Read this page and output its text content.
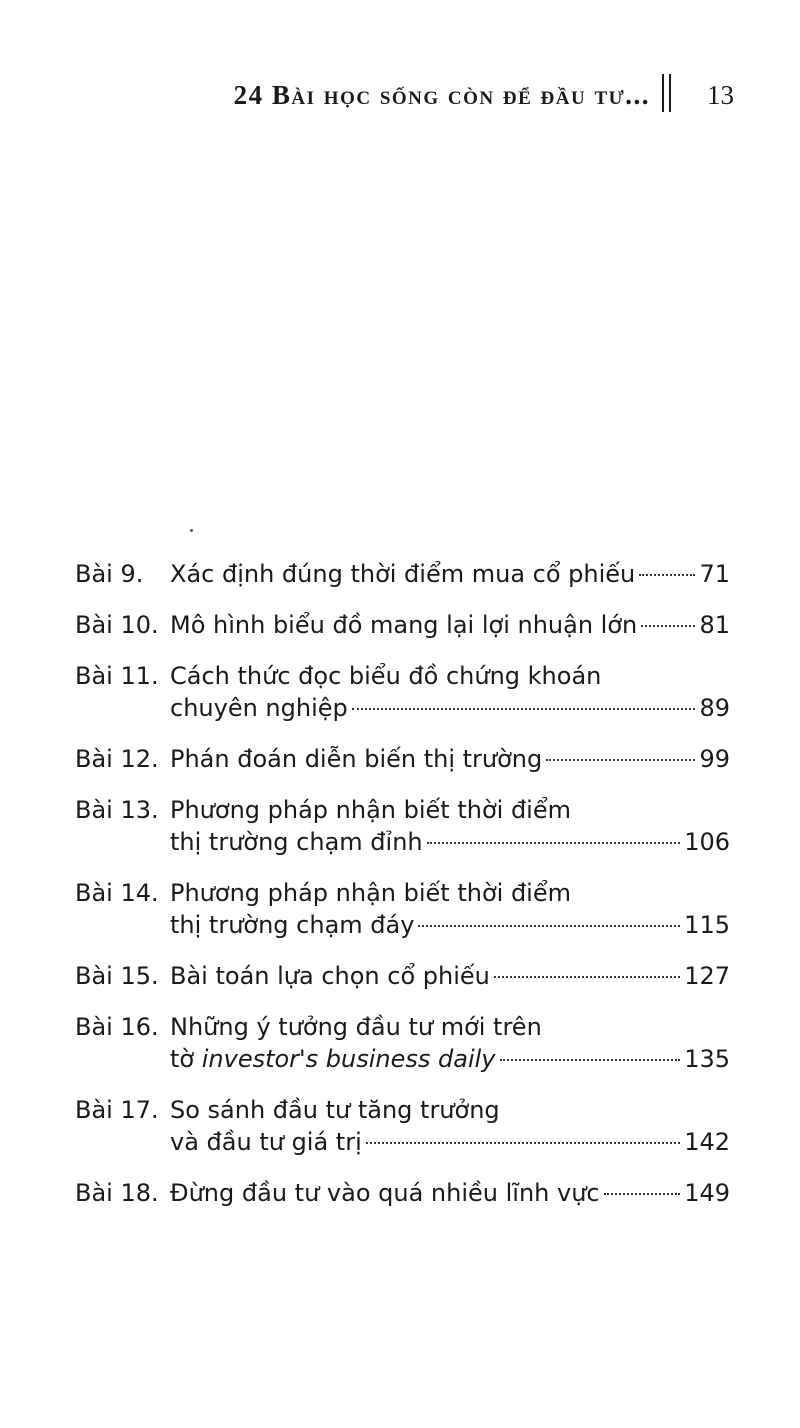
24 Bài học sống còn để đầu tư... 13
Bài 9.	Xác định đúng thời điểm mua cổ phiếu	71
Bài 10. Mô hình biểu đồ mang lại lợi nhuận lớn	81
Bài 11. Cách thức đọc biểu đồ chứng khoán
chuyên nghiệp	89
Bài 12. Phán đoán diễn biến thị trường	99
Bài 13. Phương pháp nhận biết thời điểm
thị trường chạm đỉnh	106
Bài 14. Phương pháp nhận biết thời điểm
thị trường chạm đáy	115
Bài 15. Bài toán lựa chọn cổ phiếu	127
Bài 16. Những ý tưởng đầu tư mới trên
tờ investor's business daily	135
Bài 17. So sánh đầu tư tăng trưởng
và đầu tư giá trị	142
Bài 18. Đừng đầu tư vào quá nhiều lĩnh vực	149
